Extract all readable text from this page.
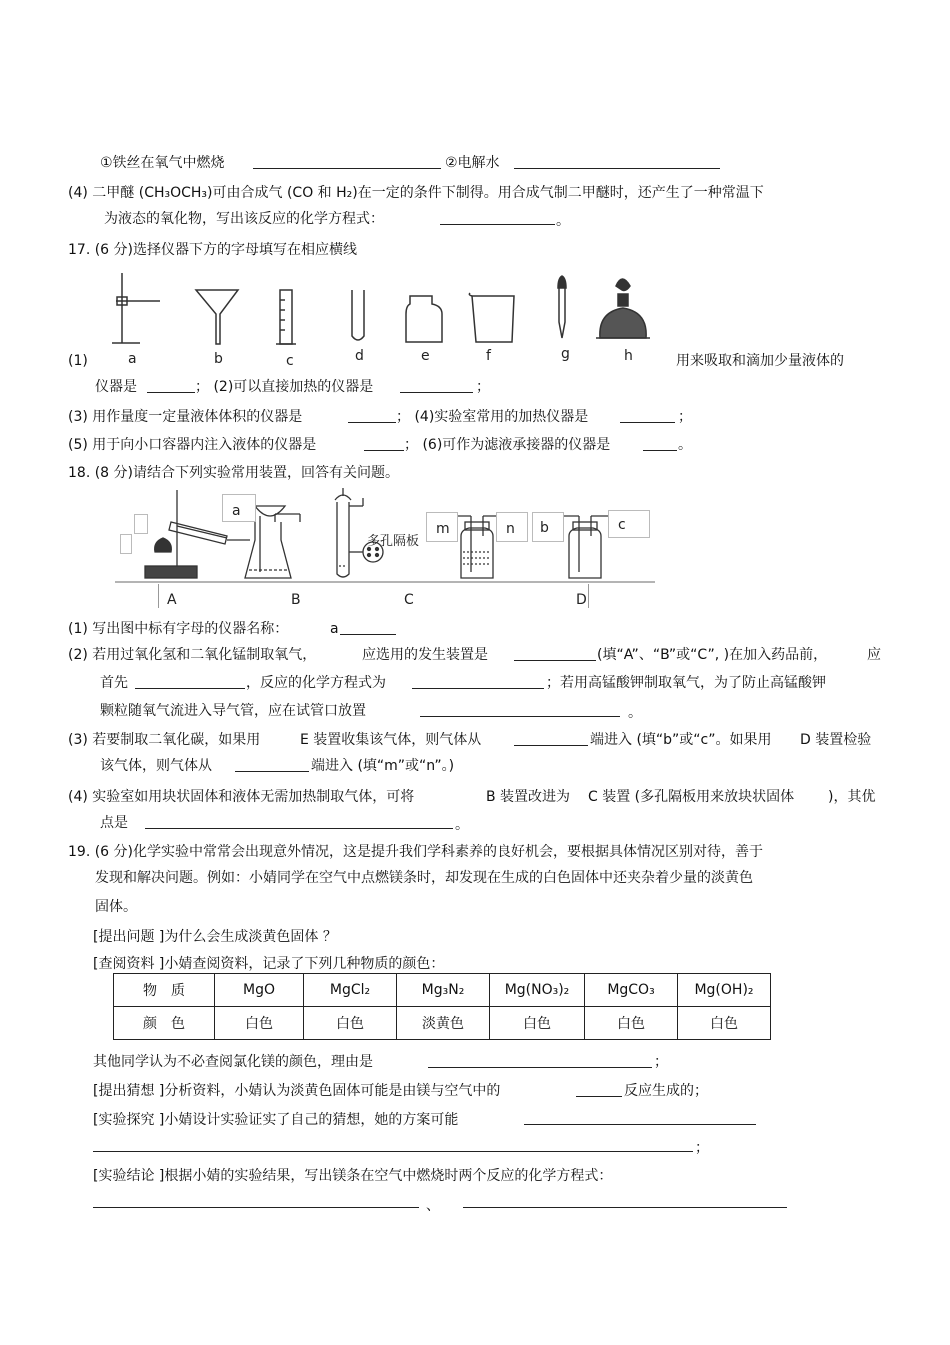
①铁丝在氧气中燃烧	②电解水
(4) 二甲醚 (CH₃OCH₃)可由合成气 (CO 和 H₂)在一定的条件下制得。用合成气制二甲醚时，还产生了一种常温下
为液态的氧化物，写出该反应的化学方程式：	。
17. (6 分)选择仪器下方的字母填写在相应横线
a	b	c	d	e	f	g	h
(1)	用来吸取和滴加少量液体的
仪器是	； (2)可以直接加热的仪器是	；
(3) 用作量度一定量液体体积的仪器是	； (4)实验室常用的加热仪器是	；
(5) 用于向小口容器内注入液体的仪器是	； (6)可作为滤液承接器的仪器是	。
18. (8 分)请结合下列实验常用装置，回答有关问题。
a
多孔隔板
m	n b	c
A	B	C	D
(1) 写出图中标有字母的仪器名称：	a
(2) 若用过氧化氢和二氧化锰制取氧气，	应选用的发生装置是	(填“A”、“B”或“C”, )在加入药品前，	应
首先	，反应的化学方程式为	；若用高锰酸钾制取氧气，为了防止高锰酸钾
颗粒随氧气流进入导气管，应在试管口放置	。
(3) 若要制取二氧化碳，如果用	E 装置收集该气体，则气体从	端进入 (填“b”或“c”。如果用 D 装置检验
该气体，则气体从	端进入 (填“m”或“n”。)
(4) 实验室如用块状固体和液体无需加热制取气体，可将	B 装置改进为 C 装置 (多孔隔板用来放块状固体 )，其优
点是	。
19. (6 分)化学实验中常常会出现意外情况，这是提升我们学科素养的良好机会，要根据具体情况区别对待，善于
发现和解决问题。例如：小婧同学在空气中点燃镁条时，却发现在生成的白色固体中还夹杂着少量的淡黄色
固体。
[提出问题 ]为什么会生成淡黄色固体 ？
[查阅资料 ]小婧查阅资料，记录了下列几种物质的颜色：
物　质	MgO	MgCl₂	Mg₃N₂	Mg(NO₃)₂	MgCO₃	Mg(OH)₂
颜　色	白色	白色	淡黄色	白色	白色	白色
其他同学认为不必查阅氯化镁的颜色，理由是	；
[提出猜想 ]分析资料，小婧认为淡黄色固体可能是由镁与空气中的	反应生成的；
[实验探究 ]小婧设计实验证实了自己的猜想，她的方案可能
；
[实验结论 ]根据小婧的实验结果，写出镁条在空气中燃烧时两个反应的化学方程式：
、
